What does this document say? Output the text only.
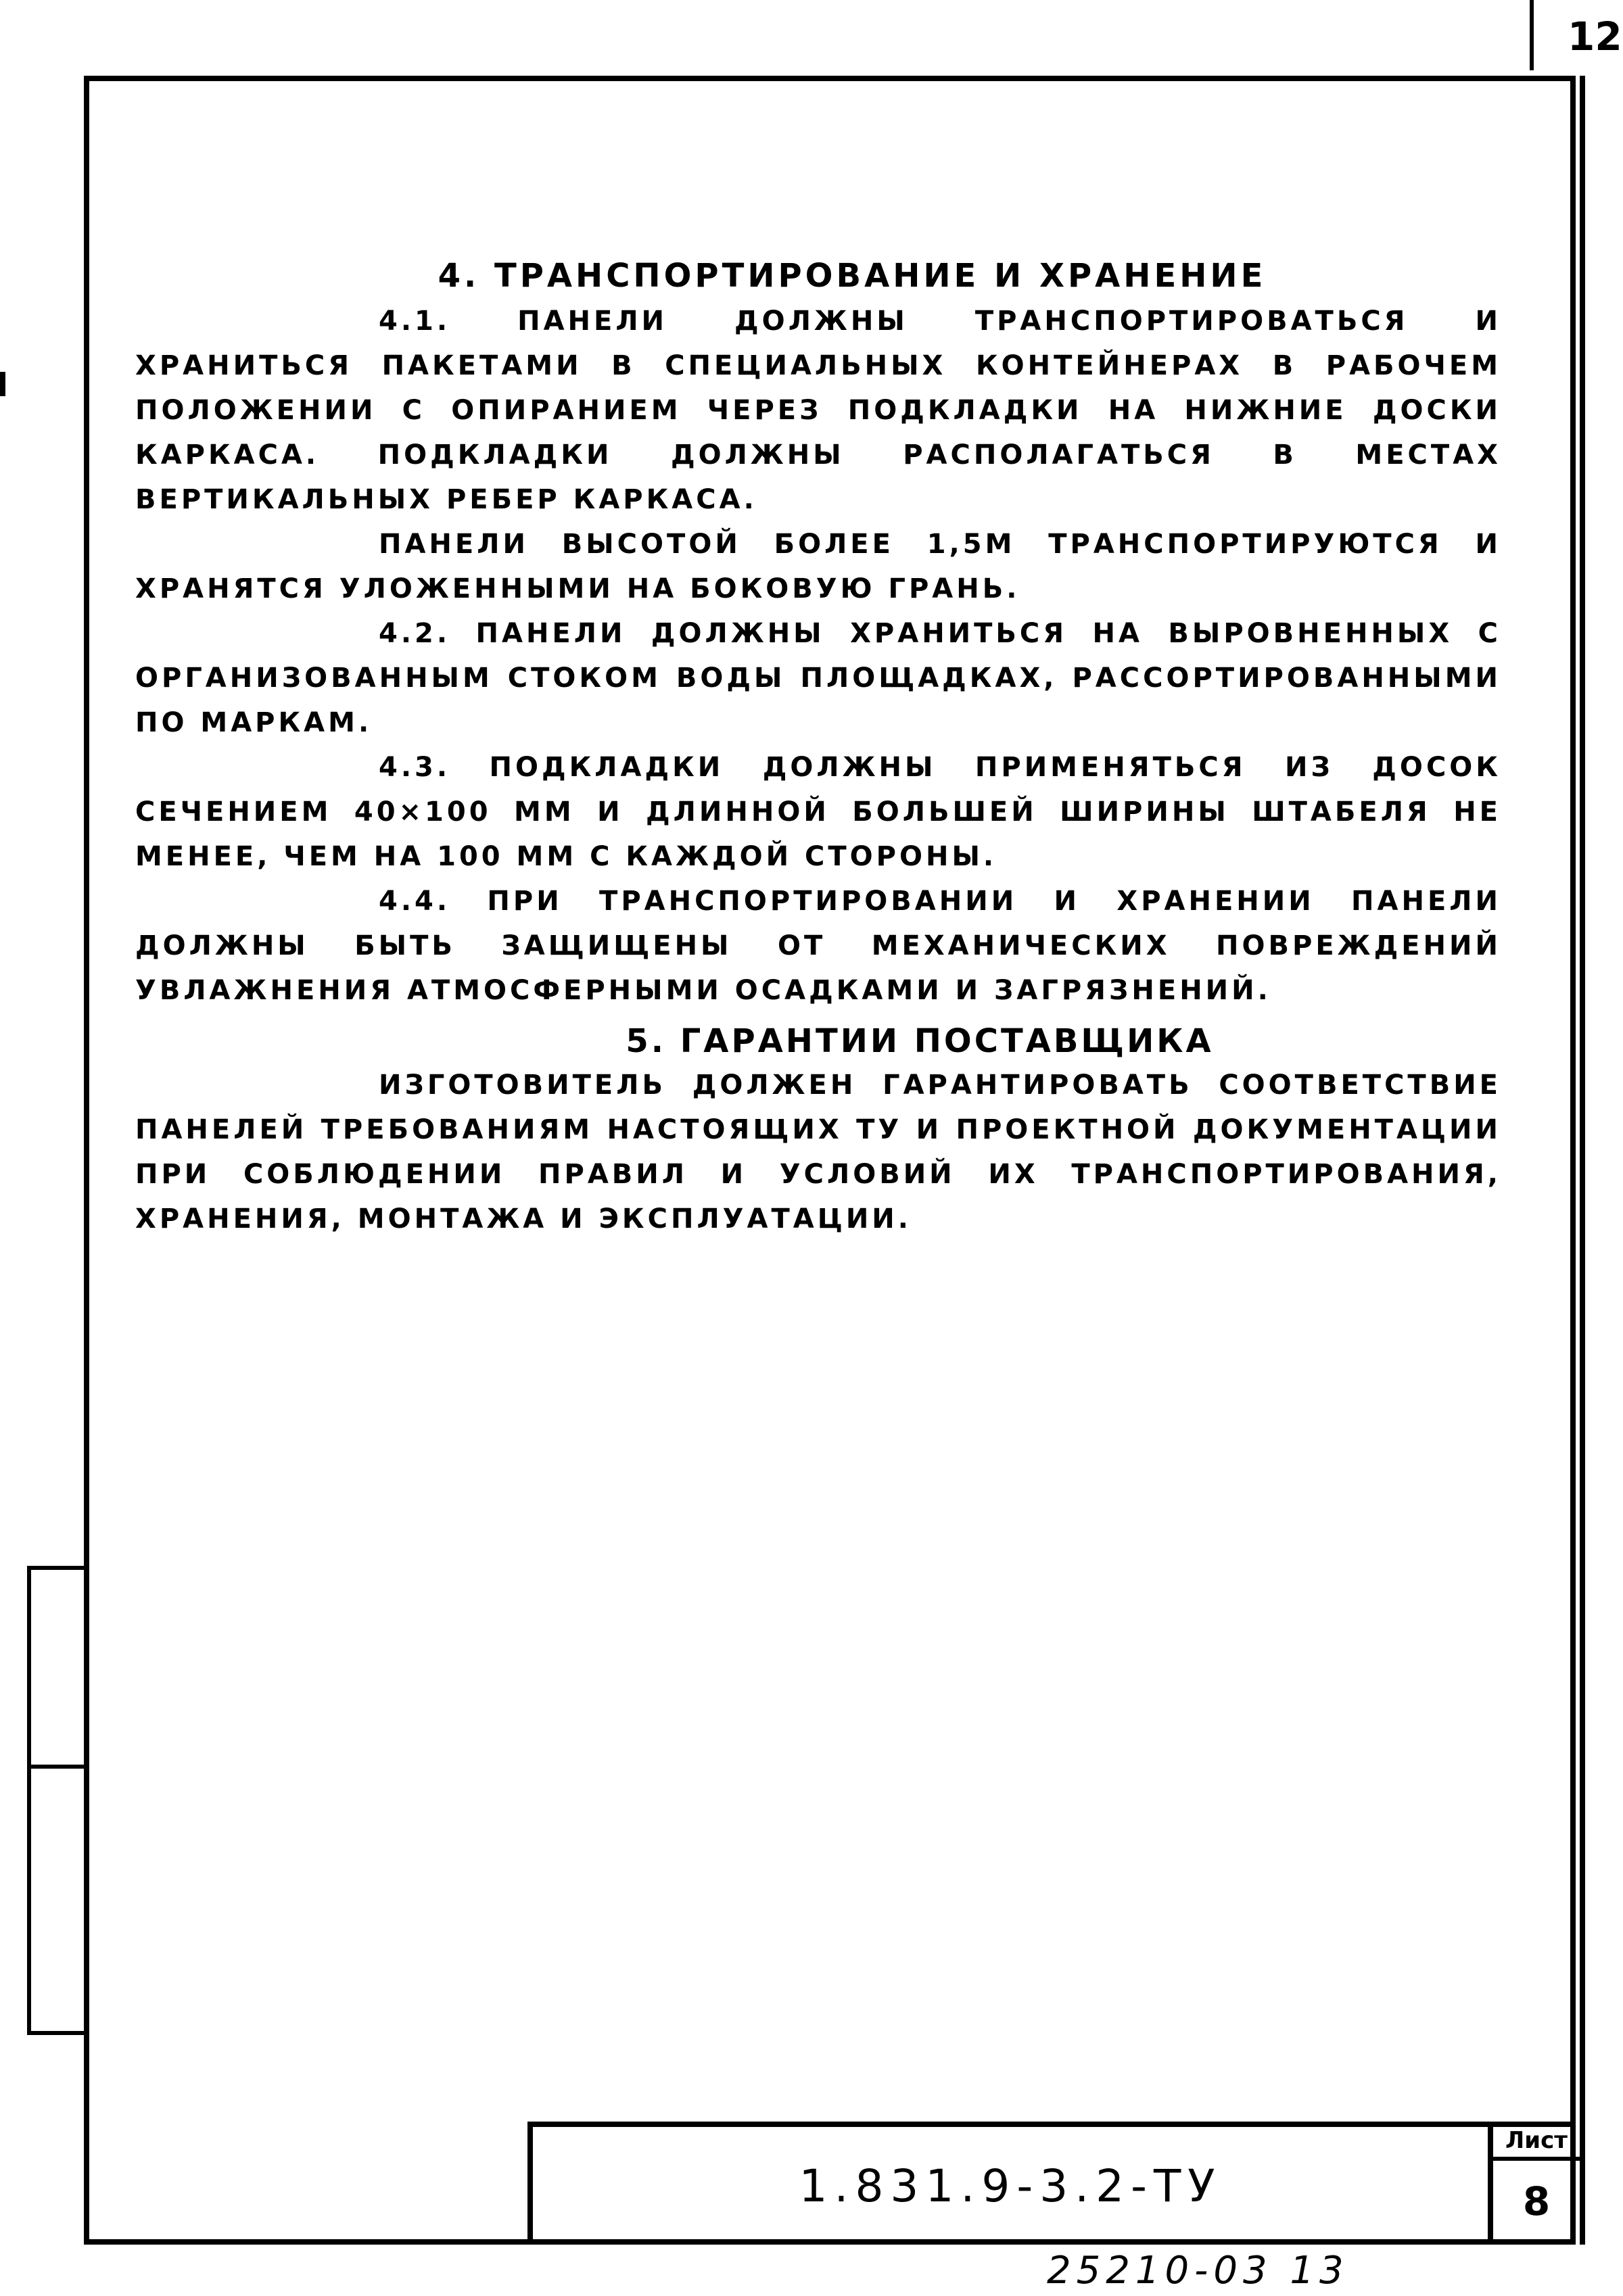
12
4. ТРАНСПОРТИРОВАНИЕ И ХРАНЕНИЕ

4.1. ПАНЕЛИ ДОЛЖНЫ ТРАНСПОРТИРОВАТЬСЯ И ХРАНИТЬСЯ ПАКЕТАМИ В СПЕЦИАЛЬНЫХ КОНТЕЙНЕРАХ В РАБОЧЕМ ПОЛОЖЕНИИ С ОПИРАНИЕМ ЧЕРЕЗ ПОДКЛАДКИ НА НИЖНИЕ ДОСКИ КАРКАСА. ПОДКЛАДКИ ДОЛЖНЫ РАСПОЛАГАТЬСЯ В МЕСТАХ ВЕРТИКАЛЬНЫХ РЕБЕР КАРКАСА.

ПАНЕЛИ ВЫСОТОЙ БОЛЕЕ 1,5М ТРАНСПОРТИРУЮТСЯ И ХРАНЯТСЯ УЛОЖЕННЫМИ НА БОКОВУЮ ГРАНЬ.

4.2. ПАНЕЛИ ДОЛЖНЫ ХРАНИТЬСЯ НА ВЫРОВНЕННЫХ С ОРГАНИЗОВАННЫМ СТОКОМ ВОДЫ ПЛОЩАДКАХ, РАССОРТИРОВАННЫМИ ПО МАРКАМ.

4.3. ПОДКЛАДКИ ДОЛЖНЫ ПРИМЕНЯТЬСЯ ИЗ ДОСОК СЕЧЕНИЕМ 40×100 ММ И ДЛИННОЙ БОЛЬШЕЙ ШИРИНЫ ШТАБЕЛЯ НЕ МЕНЕЕ, ЧЕМ НА 100 ММ С КАЖДОЙ СТОРОНЫ.

4.4. ПРИ ТРАНСПОРТИРОВАНИИ И ХРАНЕНИИ ПАНЕЛИ ДОЛЖНЫ БЫТЬ ЗАЩИЩЕНЫ ОТ МЕХАНИЧЕСКИХ ПОВРЕЖДЕНИЙ УВЛАЖНЕНИЯ АТМОСФЕРНЫМИ ОСАДКАМИ И ЗАГРЯЗНЕНИЙ.

5. ГАРАНТИИ ПОСТАВЩИКА

ИЗГОТОВИТЕЛЬ ДОЛЖЕН ГАРАНТИРОВАТЬ СООТВЕТСТВИЕ ПАНЕЛЕЙ ТРЕБОВАНИЯМ НАСТОЯЩИХ ТУ И ПРОЕКТНОЙ ДОКУМЕНТАЦИИ ПРИ СОБЛЮДЕНИИ ПРАВИЛ И УСЛОВИЙ ИХ ТРАНСПОРТИРОВАНИЯ, ХРАНЕНИЯ, МОНТАЖА И ЭКСПЛУАТАЦИИ.

1.831.9-3.2-ТУ
Лист
8
25210-03 13
